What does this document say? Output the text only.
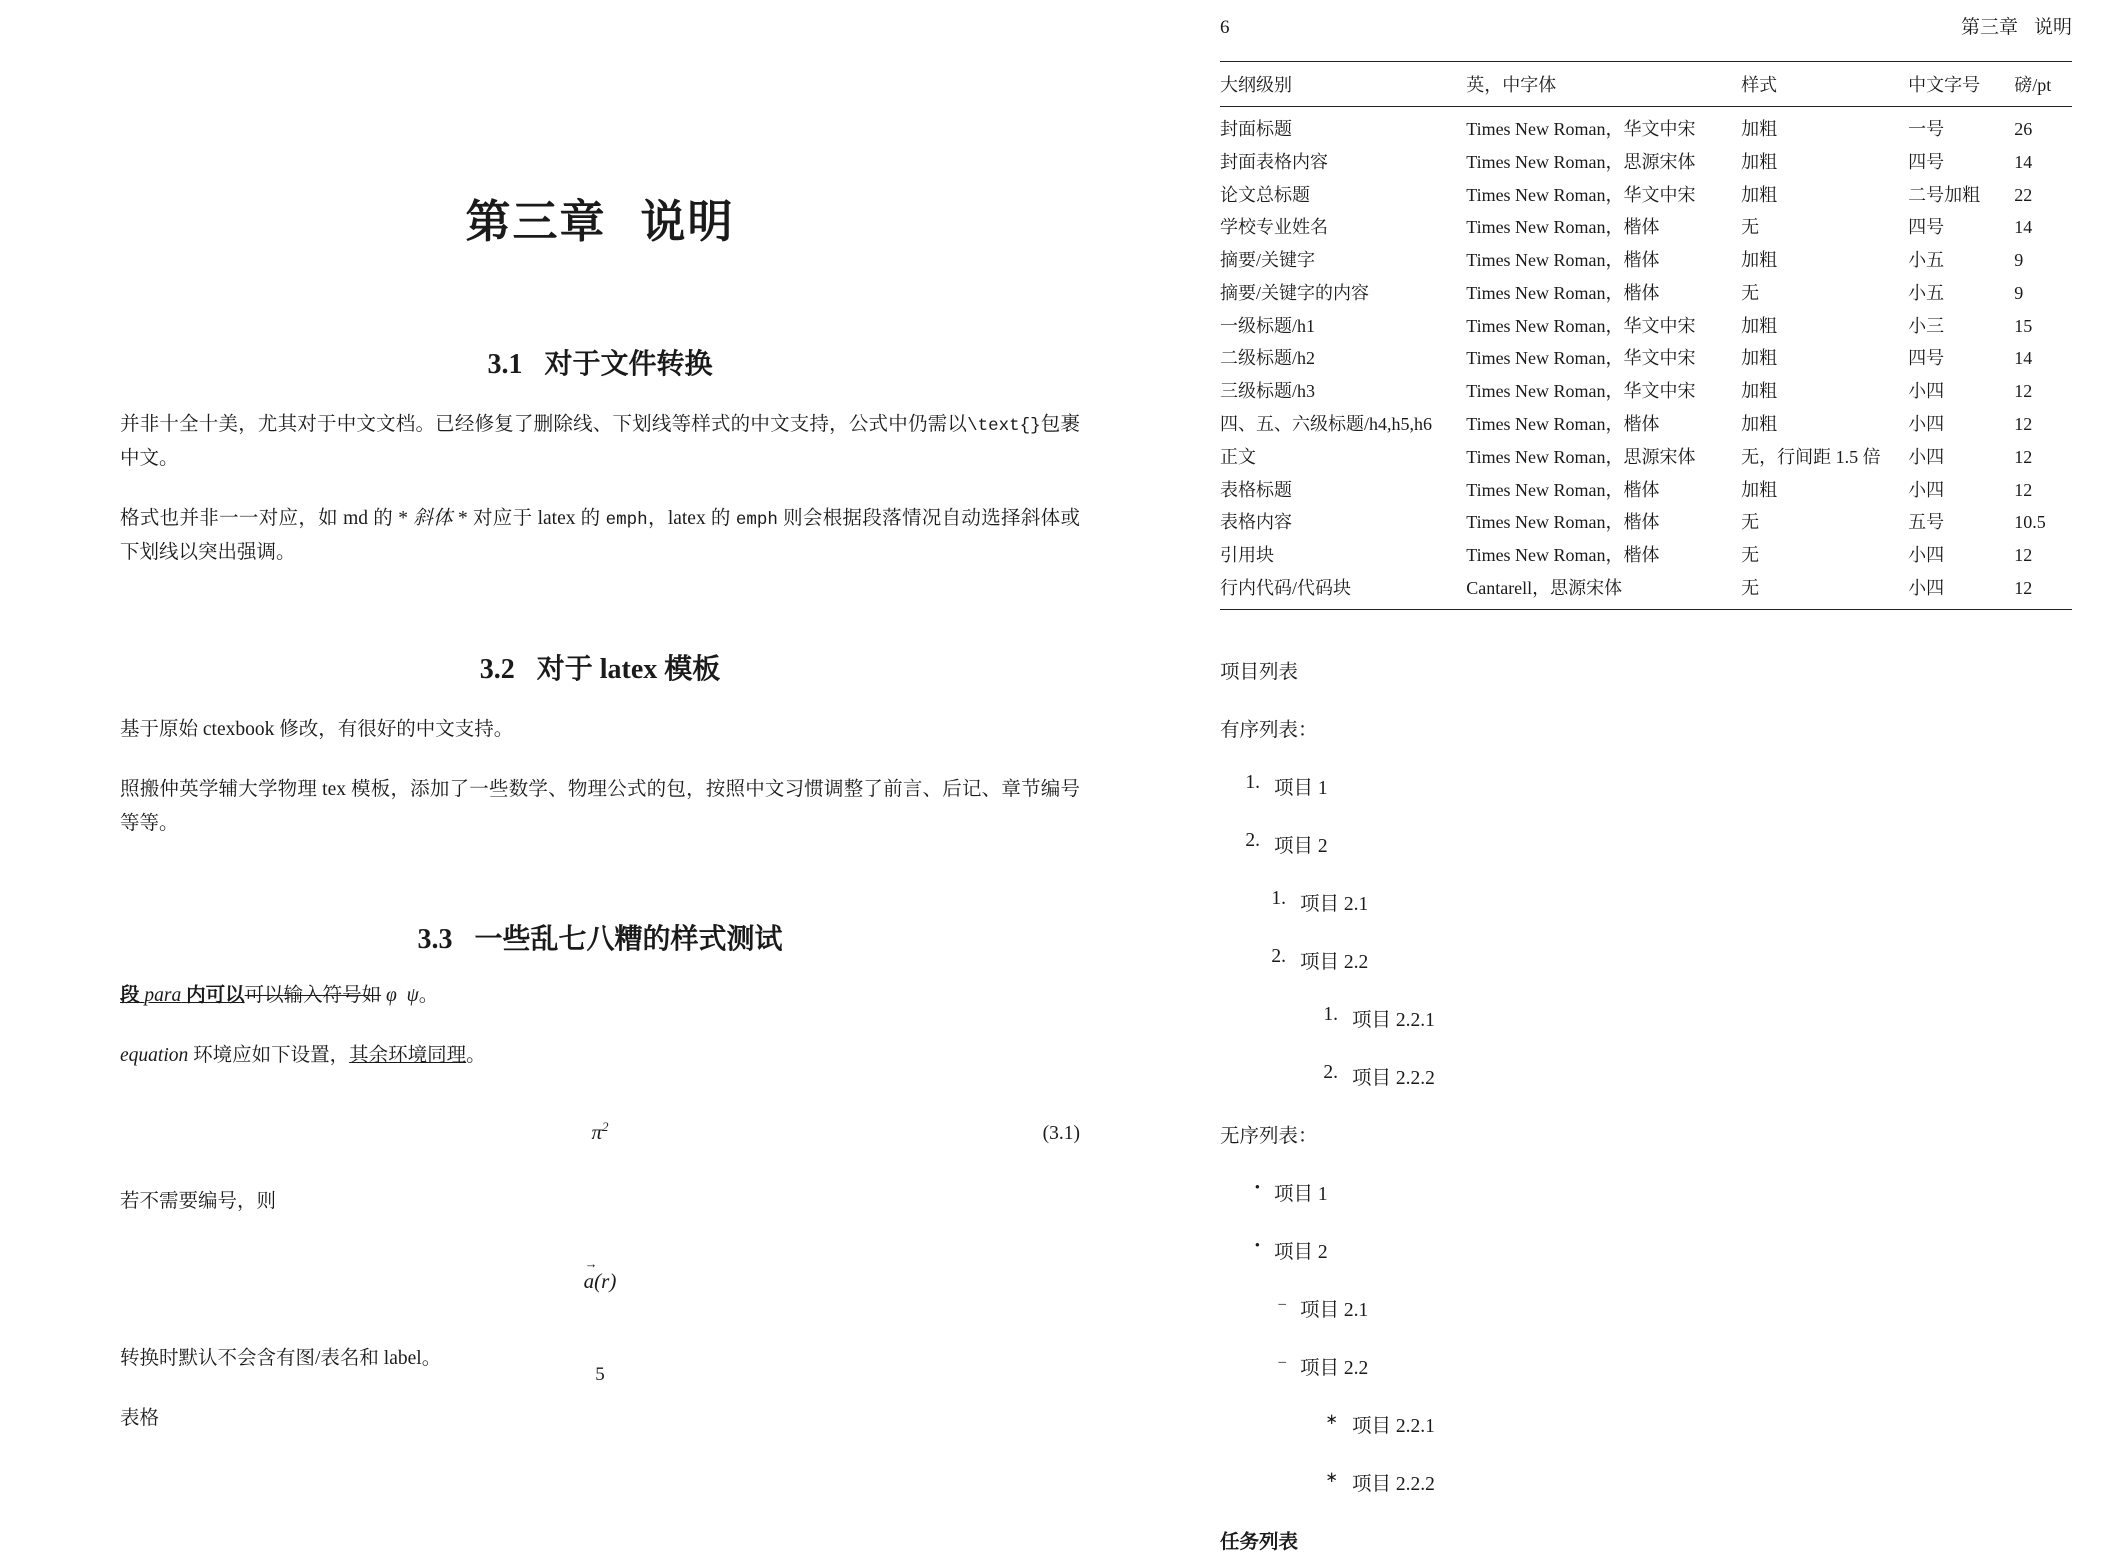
第三章 说明
3.1 对于文件转换

并非十全十美，尤其对于中文文档。已经修复了删除线、下划线等样式的中文支持，公式中仍需以\text{}包裹中文。

格式也并非一一对应，如 md 的 * 斜体 * 对应于 latex 的 emph，latex 的 emph 则会根据段落情况自动选择斜体或下划线以突出强调。

3.2 对于 latex 模板

基于原始 ctexbook 修改，有很好的中文支持。

照搬仲英学辅大学物理 tex 模板，添加了一些数学、物理公式的包，按照中文习惯调整了前言、后记、章节编号等等。

3.3 一些乱七八糟的样式测试

段 para 内可以可以输入符号如 φ ψ。

equation 环境应如下设置，其余环境同理。

$\pi^2$	(3.1)

若不需要编号，则

→ a(r)

转换时默认不会含有图/表名和 label。

表格

5
6	第三章 说明
大纲级别	英，中字体	样式	中文字号	磅/pt
封面标题	Times New Roman，华文中宋	加粗	一号	26
封面表格内容	Times New Roman，思源宋体	加粗	四号	14
论文总标题	Times New Roman，华文中宋	加粗	二号加粗	22
学校专业姓名	Times New Roman，楷体	无	四号	14
摘要/关键字	Times New Roman，楷体	加粗	小五	9
摘要/关键字的内容	Times New Roman，楷体	无	小五	9
一级标题/h1	Times New Roman，华文中宋	加粗	小三	15
二级标题/h2	Times New Roman，华文中宋	加粗	四号	14
三级标题/h3	Times New Roman，华文中宋	加粗	小四	12
四、五、六级标题/h4,h5,h6	Times New Roman，楷体	加粗	小四	12
正文	Times New Roman，思源宋体	无，行间距 1.5 倍	小四	12
表格标题	Times New Roman，楷体	加粗	小四	12
表格内容	Times New Roman，楷体	无	五号	10.5
引用块	Times New Roman，楷体	无	小四	12
行内代码/代码块	Cantarell，思源宋体	无	小四	12
项目列表
有序列表：
1. 项目 1
2. 项目 2
1. 项目 2.1
2. 项目 2.2
1. 项目 2.2.1
2. 项目 2.2.2
无序列表：
• 项目 1
• 项目 2
– 项目 2.1
– 项目 2.2
∗ 项目 2.2.1
∗ 项目 2.2.2
任务列表
